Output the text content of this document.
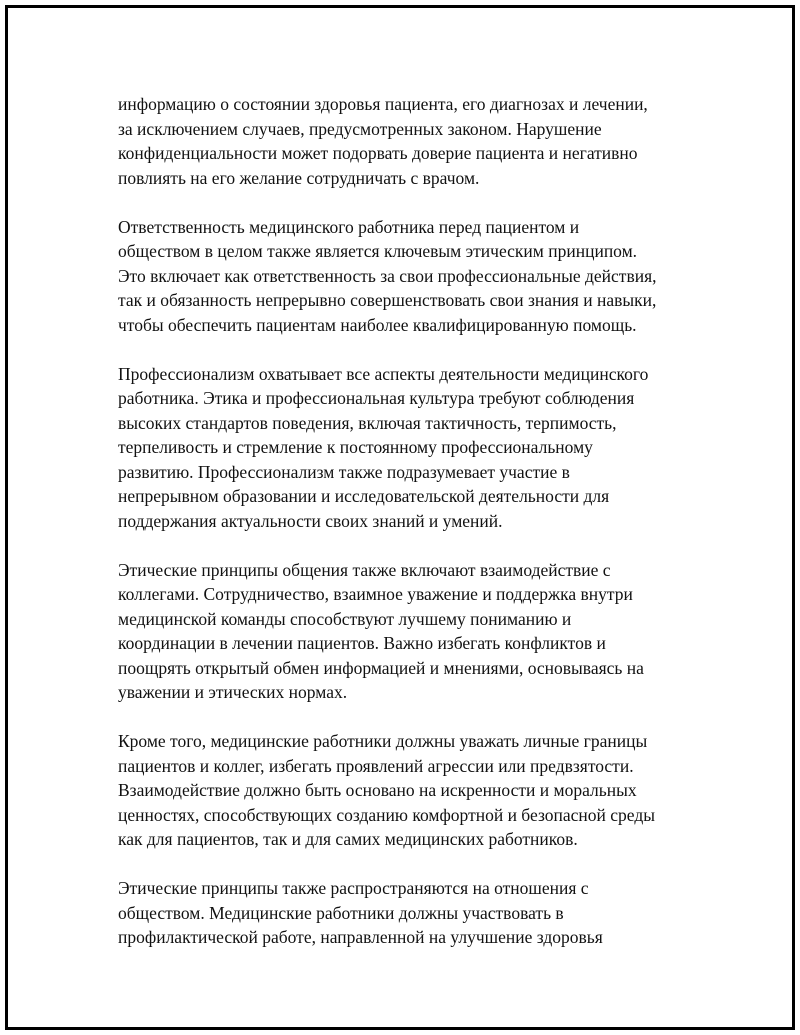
информацию о состоянии здоровья пациента, его диагнозах и лечении,
за исключением случаев, предусмотренных законом. Нарушение
конфиденциальности может подорвать доверие пациента и негативно
повлиять на его желание сотрудничать с врачом.

Ответственность медицинского работника перед пациентом и
обществом в целом также является ключевым этическим принципом.
Это включает как ответственность за свои профессиональные действия,
так и обязанность непрерывно совершенствовать свои знания и навыки,
чтобы обеспечить пациентам наиболее квалифицированную помощь.

Профессионализм охватывает все аспекты деятельности медицинского
работника. Этика и профессиональная культура требуют соблюдения
высоких стандартов поведения, включая тактичность, терпимость,
терпеливость и стремление к постоянному профессиональному
развитию. Профессионализм также подразумевает участие в
непрерывном образовании и исследовательской деятельности для
поддержания актуальности своих знаний и умений.

Этические принципы общения также включают взаимодействие с
коллегами. Сотрудничество, взаимное уважение и поддержка внутри
медицинской команды способствуют лучшему пониманию и
координации в лечении пациентов. Важно избегать конфликтов и
поощрять открытый обмен информацией и мнениями, основываясь на
уважении и этических нормах.

Кроме того, медицинские работники должны уважать личные границы
пациентов и коллег, избегать проявлений агрессии или предвзятости.
Взаимодействие должно быть основано на искренности и моральных
ценностях, способствующих созданию комфортной и безопасной среды
как для пациентов, так и для самих медицинских работников.

Этические принципы также распространяются на отношения с
обществом. Медицинские работники должны участвовать в
профилактической работе, направленной на улучшение здоровья
